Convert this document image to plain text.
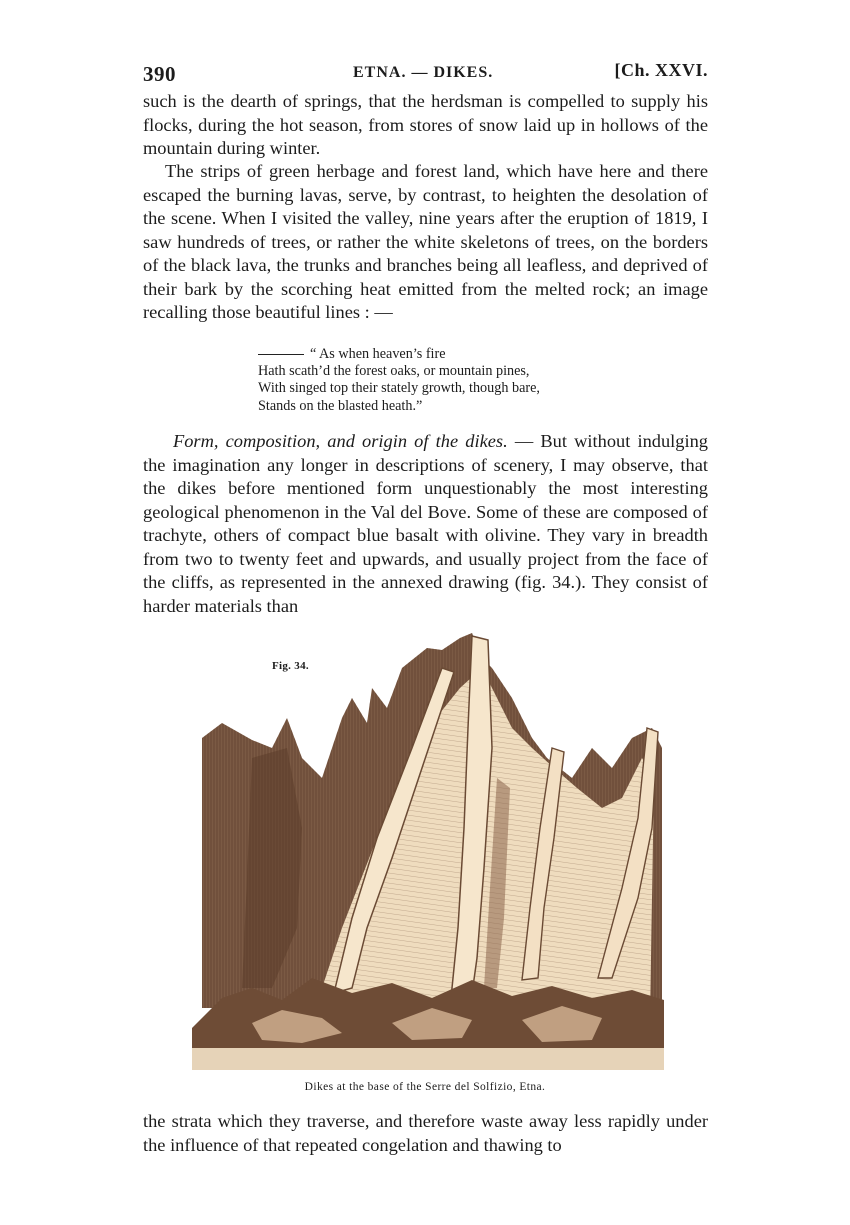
390	ETNA. — DIKES.	[Ch. XXVI.

such is the dearth of springs, that the herdsman is compelled to supply his flocks, during the hot season, from stores of snow laid up in hollows of the mountain during winter.

The strips of green herbage and forest land, which have here and there escaped the burning lavas, serve, by contrast, to heighten the desolation of the scene. When I visited the valley, nine years after the eruption of 1819, I saw hundreds of trees, or rather the white skeletons of trees, on the borders of the black lava, the trunks and branches being all leafless, and deprived of their bark by the scorching heat emitted from the melted rock; an image recalling those beautiful lines : —

“ As when heaven’s fire
Hath scath’d the forest oaks, or mountain pines,
With singed top their stately growth, though bare,
Stands on the blasted heath.”

Form, composition, and origin of the dikes. — But without indulging the imagination any longer in descriptions of scenery, I may observe, that the dikes before mentioned form unquestionably the most interesting geological phenomenon in the Val del Bove. Some of these are composed of trachyte, others of compact blue basalt with olivine. They vary in breadth from two to twenty feet and upwards, and usually project from the face of the cliffs, as represented in the annexed drawing (fig. 34.). They consist of harder materials than

Fig. 34.
Dikes at the base of the Serre del Solfizio, Etna.

the strata which they traverse, and therefore waste away less rapidly under the influence of that repeated congelation and thawing to
